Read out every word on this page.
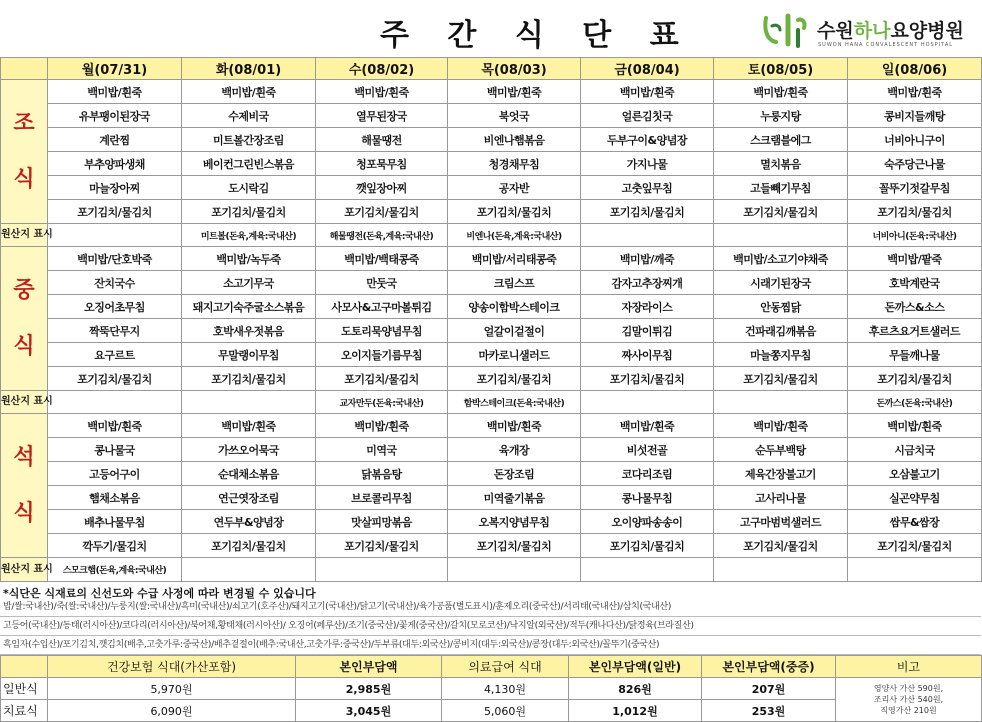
주 간 식 단 표	수원하나요양병원
SUWON HANA CONVALESCENT HOSPITAL
	월(07/31)	화(08/01)	수(08/02)	목(08/03)	금(08/04)	토(08/05)	일(08/06)

조
식	백미밥/흰죽	백미밥/흰죽	백미밥/흰죽	백미밥/흰죽	백미밥/흰죽	백미밥/흰죽	백미밥/흰죽
	유부팽이된장국	수제비국	열무된장국	북엇국	얼른김칫국	누룽지탕	콩비지들깨탕
	계란찜	미트볼간장조림	해물땡전	비엔나햄볶음	두부구이&양념장	스크램블에그	너비아니구이
	부추양파생채	베이컨그린빈스볶음	청포묵무침	청경채무침	가지나물	멸치볶음	숙주당근나물
	마늘장아찌	도시락김	깻잎장아찌	공자반	고춧잎무침	고들빼기무침	꼴뚜기젓갈무침
	포기김치/물김치	포기김치/물김치	포기김치/물김치	포기김치/물김치	포기김치/물김치	포기김치/물김치	포기김치/물김치
원산지 표시		미트볼(돈육,계육:국내산)	해물땡전(돈육,계육:국내산)	비엔나(돈육,계육:국내산)			너비아니(돈육:국내산)

중
식	백미밥/단호박죽	백미밥/녹두죽	백미밥/백태콩죽	백미밥/서리태콩죽	백미밥/깨죽	백미밥/소고기야채죽	백미밥/팥죽
	잔치국수	소고기무국	만둣국	크림스프	감자고추장찌개	시래기된장국	호박계란국
	오징어초무침	돼지고기숙주굴소스볶음	사모사&고구마볼튀김	양송이함박스테이크	자장라이스	안동찜닭	돈까스&소스
	짝뚝단무지	호박새우젓볶음	도토리묵양념무침	얼갈이겉절이	김말이튀김	건파래김깨볶음	후르츠요거트샐러드
	요구르트	무말랭이무침	오이지들기름무침	마카로니샐러드	짜사이무침	마늘쫑지무침	무들깨나물
	포기김치/물김치	포기김치/물김치	포기김치/물김치	포기김치/물김치	포기김치/물김치	포기김치/물김치	포기김치/물김치
원산지 표시			교자만두(돈육:국내산)	함박스테이크(돈육:국내산)			돈까스(돈육:국내산)

석
식	백미밥/흰죽	백미밥/흰죽	백미밥/흰죽	백미밥/흰죽	백미밥/흰죽	백미밥/흰죽	백미밥/흰죽
	콩나물국	가쓰오어묵국	미역국	육개장	비섯전골	순두부백탕	시금치국
	고등어구이	순대채소볶음	닭볶음탕	돈장조림	코다리조림	제육간장불고기	오삼불고기
	햄채소볶음	연근엿장조림	브로콜리무침	미역줄기볶음	콩나물무침	고사리나물	실곤약무침
	배추나물무침	연두부&양념장	맛살피망볶음	오복지양념무침	오이양파송송이	고구마범벅샐러드	쌈무&쌈장
	깍두기/물김치	포기김치/물김치	포기김치/물김치	포기김치/물김치	포기김치/물김치	포기김치/물김치	포기김치/물김치
원산지 표시	스모크햄(돈육,계육:국내산)						
*식단은 식재료의 신선도와 수급 사정에 따라 변경될 수 있습니다
밥/쌀:국내산)/죽(쌀:국내산)/누룽지(쌀:국내산)/흑미(국내산)/쇠고기(호주산)/돼지고기(국내산)/닭고기(국내산)/육가공품(별도표시)/훈제오리(중국산)/서리태(국내산)/삼치(국내산)
고등어(국내산)/동태(러시아산)/코다리(러시아산)/북어채,황태채(러시아산)/ 오징어(페루산)/조기(중국산)/꽃게(중국산)/갈치(모로코산)/낙지알(외국산)/적두(캐나다산)/닭정육(브라질산)
흑임자(수입산)/포기김치,깻김치(배추,고춧가루:중국산)/배추겉절이(배추:국내산,고춧가루:중국산)/두부류(대두:외국산)/콩비지(대두:외국산)/콩장(대두:외국산)/꼴뚜기(중국산)
	건강보험 식대(가산포함)	본인부담액	의료급여 식대	본인부담액(일반)	본인부담액(중증)	비고
일반식	5,970원	2,985원	4,130원	826원	207원	영양사 가산 590원,
조리사 가산 540원,
직영가산 210원

치료식	6,090원	3,045원	5,060원	1,012원	253원	
